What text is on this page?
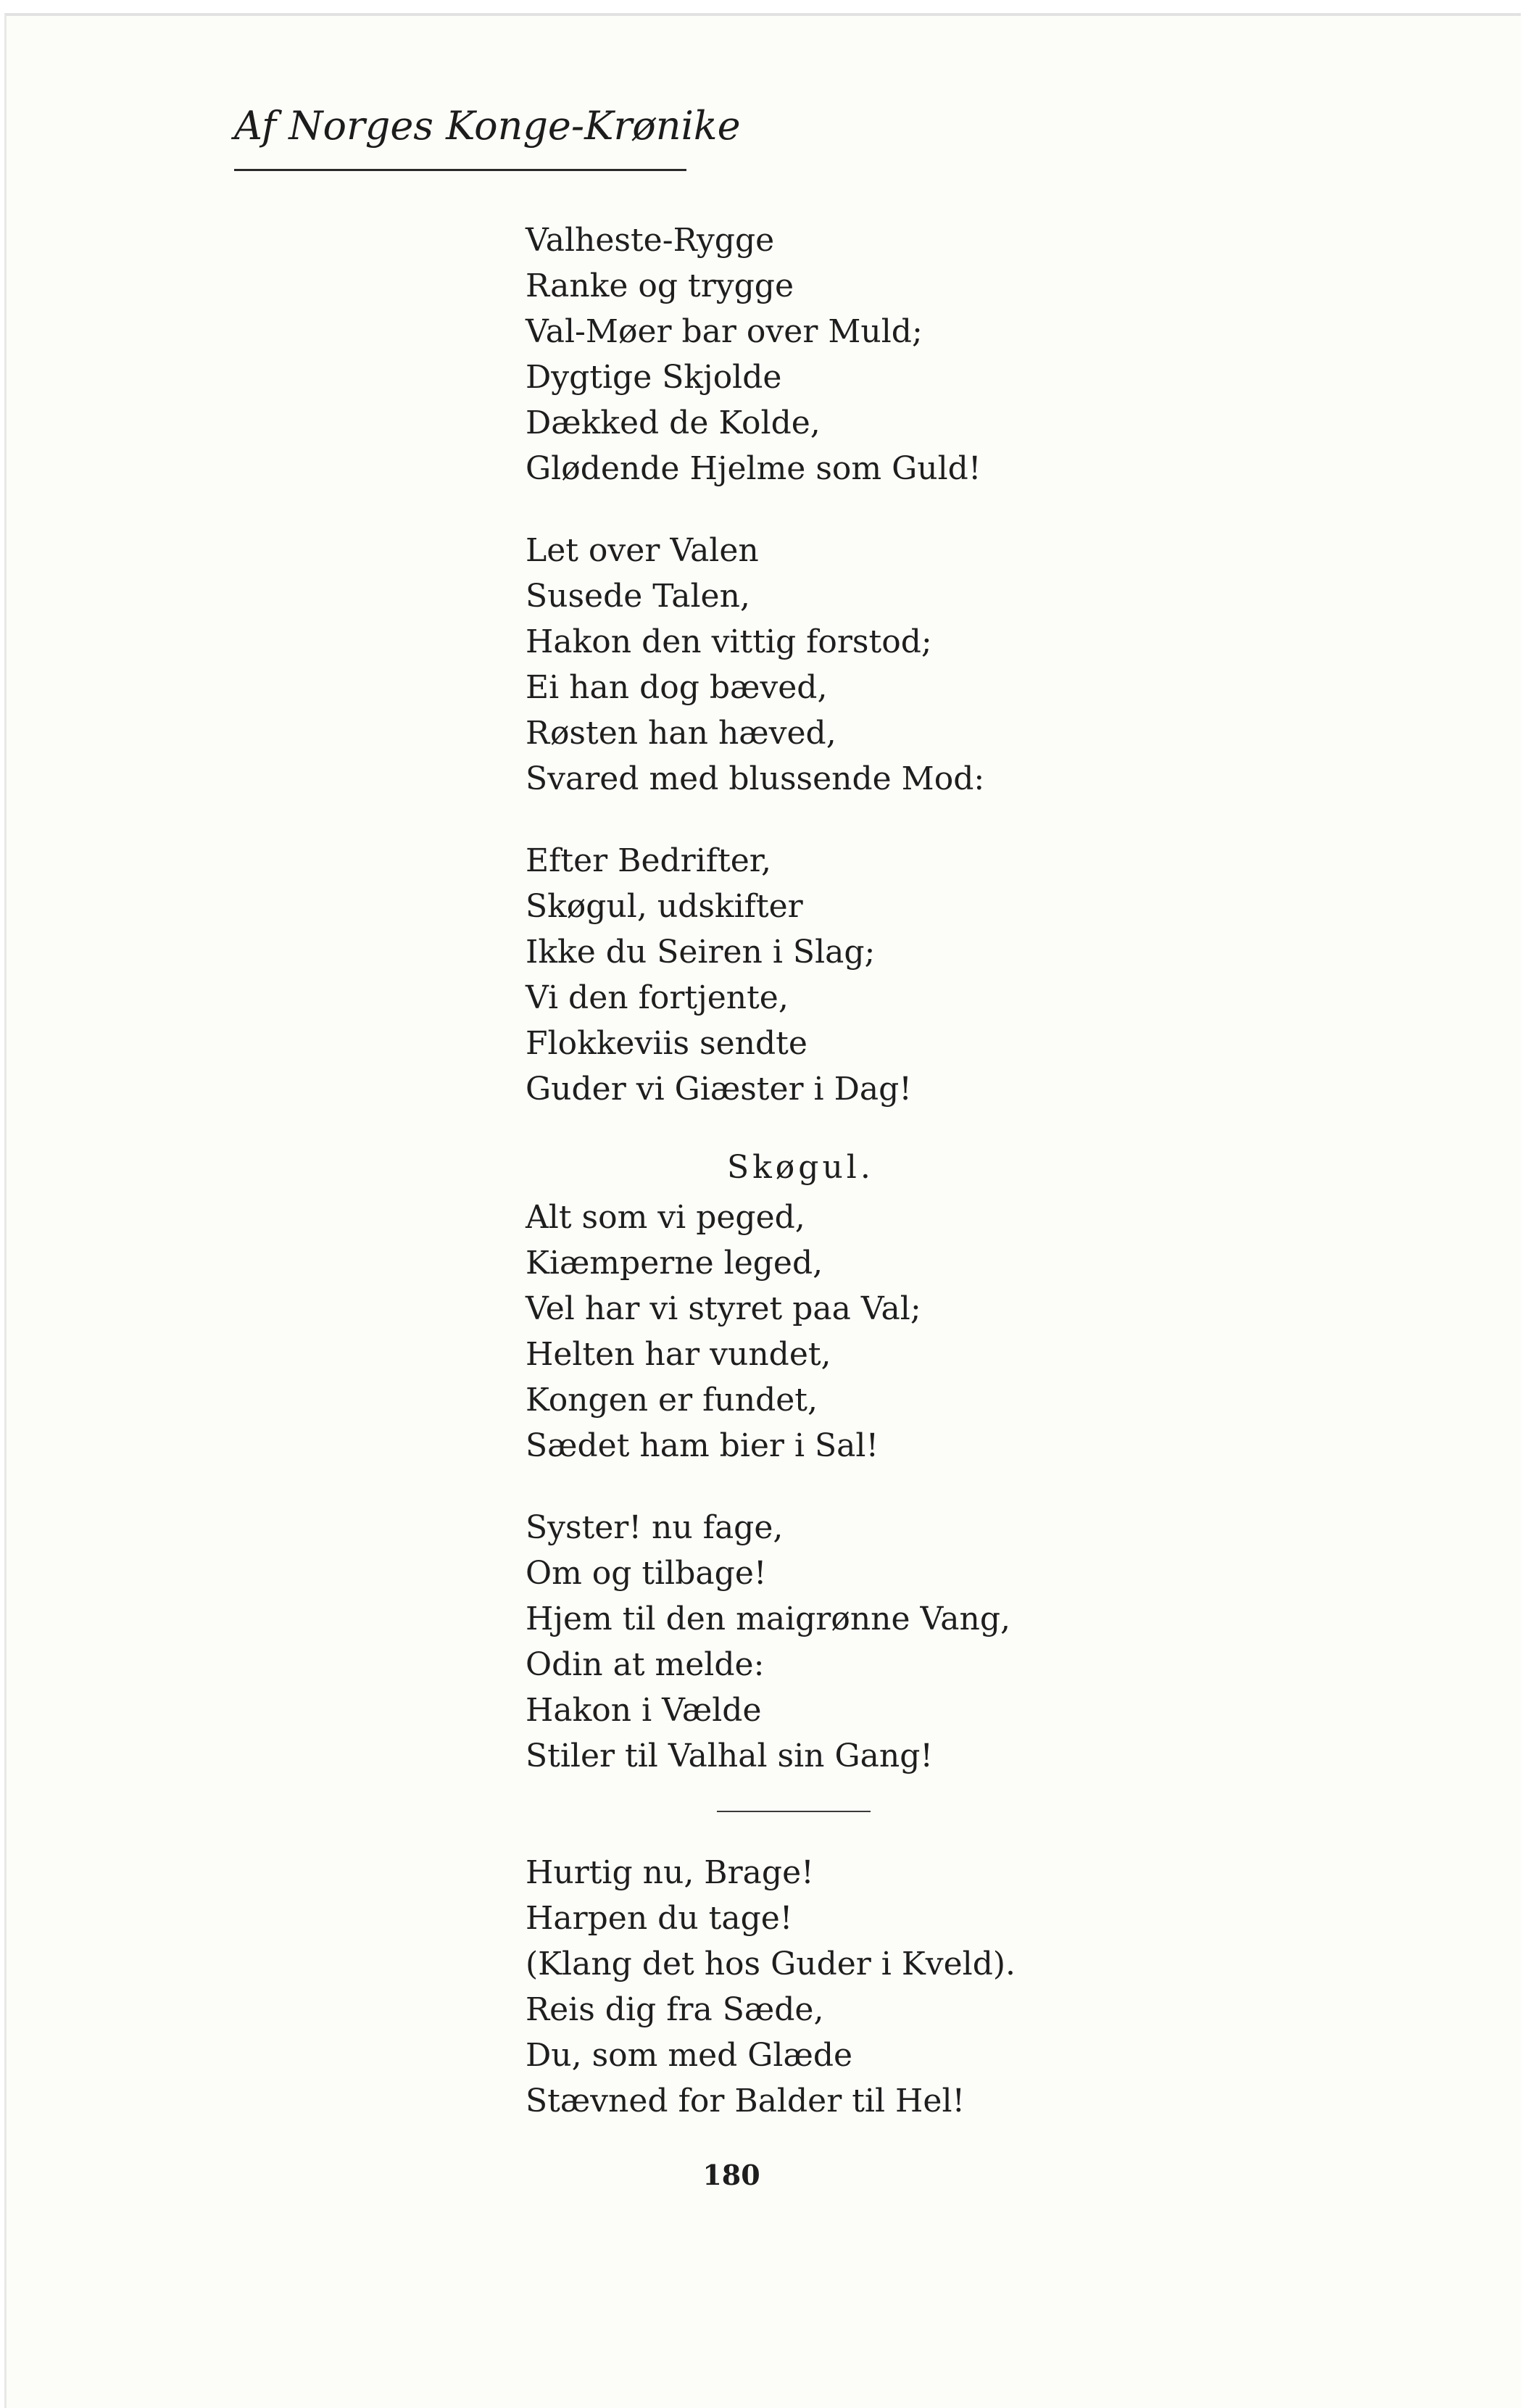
Af Norges Konge-Krønike
Valheste-Rygge
Ranke og trygge
Val-Møer bar over Muld;
Dygtige Skjolde
Dækked de Kolde,
Glødende Hjelme som Guld!
Let over Valen
Susede Talen,
Hakon den vittig forstod;
Ei han dog bæved,
Røsten han hæved,
Svared med blussende Mod:
Efter Bedrifter,
Skøgul, udskifter
Ikke du Seiren i Slag;
Vi den fortjente,
Flokkeviis sendte
Guder vi Giæster i Dag!
Skøgul.
Alt som vi peged,
Kiæmperne leged,
Vel har vi styret paa Val;
Helten har vundet,
Kongen er fundet,
Sædet ham bier i Sal!
Syster! nu fage,
Om og tilbage!
Hjem til den maigrønne Vang,
Odin at melde:
Hakon i Vælde
Stiler til Valhal sin Gang!
Hurtig nu, Brage!
Harpen du tage!
(Klang det hos Guder i Kveld).
Reis dig fra Sæde,
Du, som med Glæde
Stævned for Balder til Hel!
180
